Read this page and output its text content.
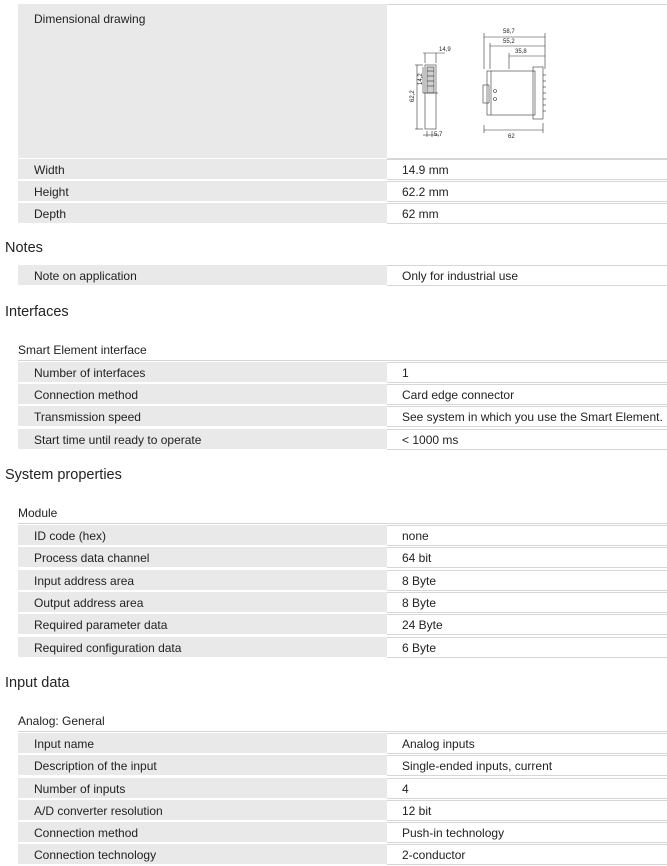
Dimensional drawing
14,9
62,2
14,2
5,7
58,7
55,2
35,8
62
Width	14.9 mm
Height	62.2 mm
Depth	62 mm
Notes
Note on application	Only for industrial use
Interfaces
Smart Element interface
Number of interfaces	1
Connection method	Card edge connector
Transmission speed	See system in which you use the Smart Element.
Start time until ready to operate	< 1000 ms
System properties
Module
ID code (hex)	none
Process data channel	64 bit
Input address area	8 Byte
Output address area	8 Byte
Required parameter data	24 Byte
Required configuration data	6 Byte
Input data
Analog: General
Input name	Analog inputs
Description of the input	Single-ended inputs, current
Number of inputs	4
A/D converter resolution	12 bit
Connection method	Push-in technology
Connection technology	2-conductor
